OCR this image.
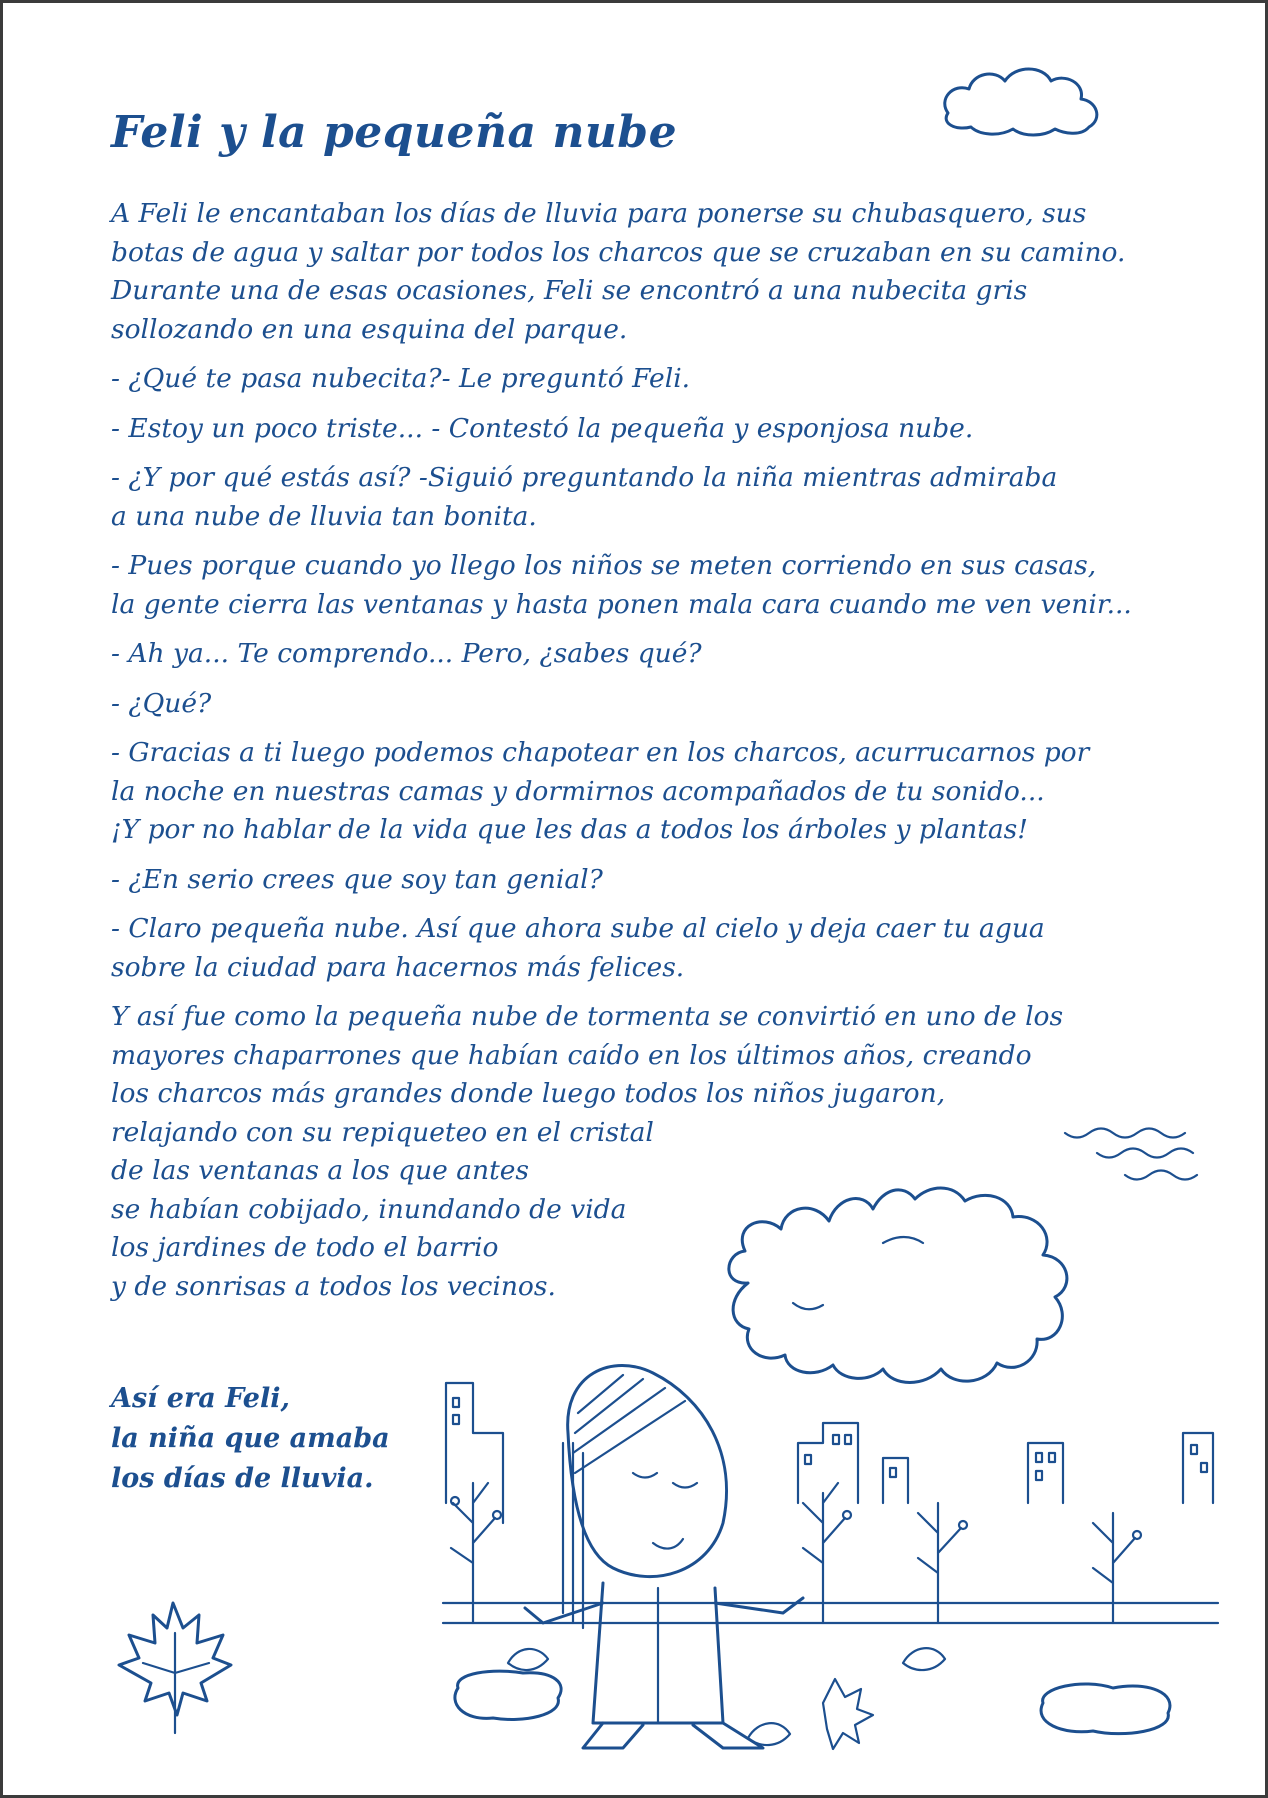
Feli y la pequeña nube

A Feli le encantaban los días de lluvia para ponerse su chubasquero, sus
botas de agua y saltar por todos los charcos que se cruzaban en su camino.
Durante una de esas ocasiones, Feli se encontró a una nubecita gris
sollozando en una esquina del parque.

- ¿Qué te pasa nubecita?- Le preguntó Feli.

- Estoy un poco triste... - Contestó la pequeña y esponjosa nube.

- ¿Y por qué estás así? -Siguió preguntando la niña mientras admiraba
a una nube de lluvia tan bonita.

- Pues porque cuando yo llego los niños se meten corriendo en sus casas,
la gente cierra las ventanas y hasta ponen mala cara cuando me ven venir...

- Ah ya... Te comprendo... Pero, ¿sabes qué?

- ¿Qué?

- Gracias a ti luego podemos chapotear en los charcos, acurrucarnos por
la noche en nuestras camas y dormirnos acompañados de tu sonido...
¡Y por no hablar de la vida que les das a todos los árboles y plantas!

- ¿En serio crees que soy tan genial?

- Claro pequeña nube. Así que ahora sube al cielo y deja caer tu agua
sobre la ciudad para hacernos más felices.

Y así fue como la pequeña nube de tormenta se convirtió en uno de los
mayores chaparrones que habían caído en los últimos años, creando
los charcos más grandes donde luego todos los niños jugaron,
relajando con su repiqueteo en el cristal
de las ventanas a los que antes
se habían cobijado, inundando de vida
los jardines de todo el barrio
y de sonrisas a todos los vecinos.

Así era Feli,
la niña que amaba
los días de lluvia.
